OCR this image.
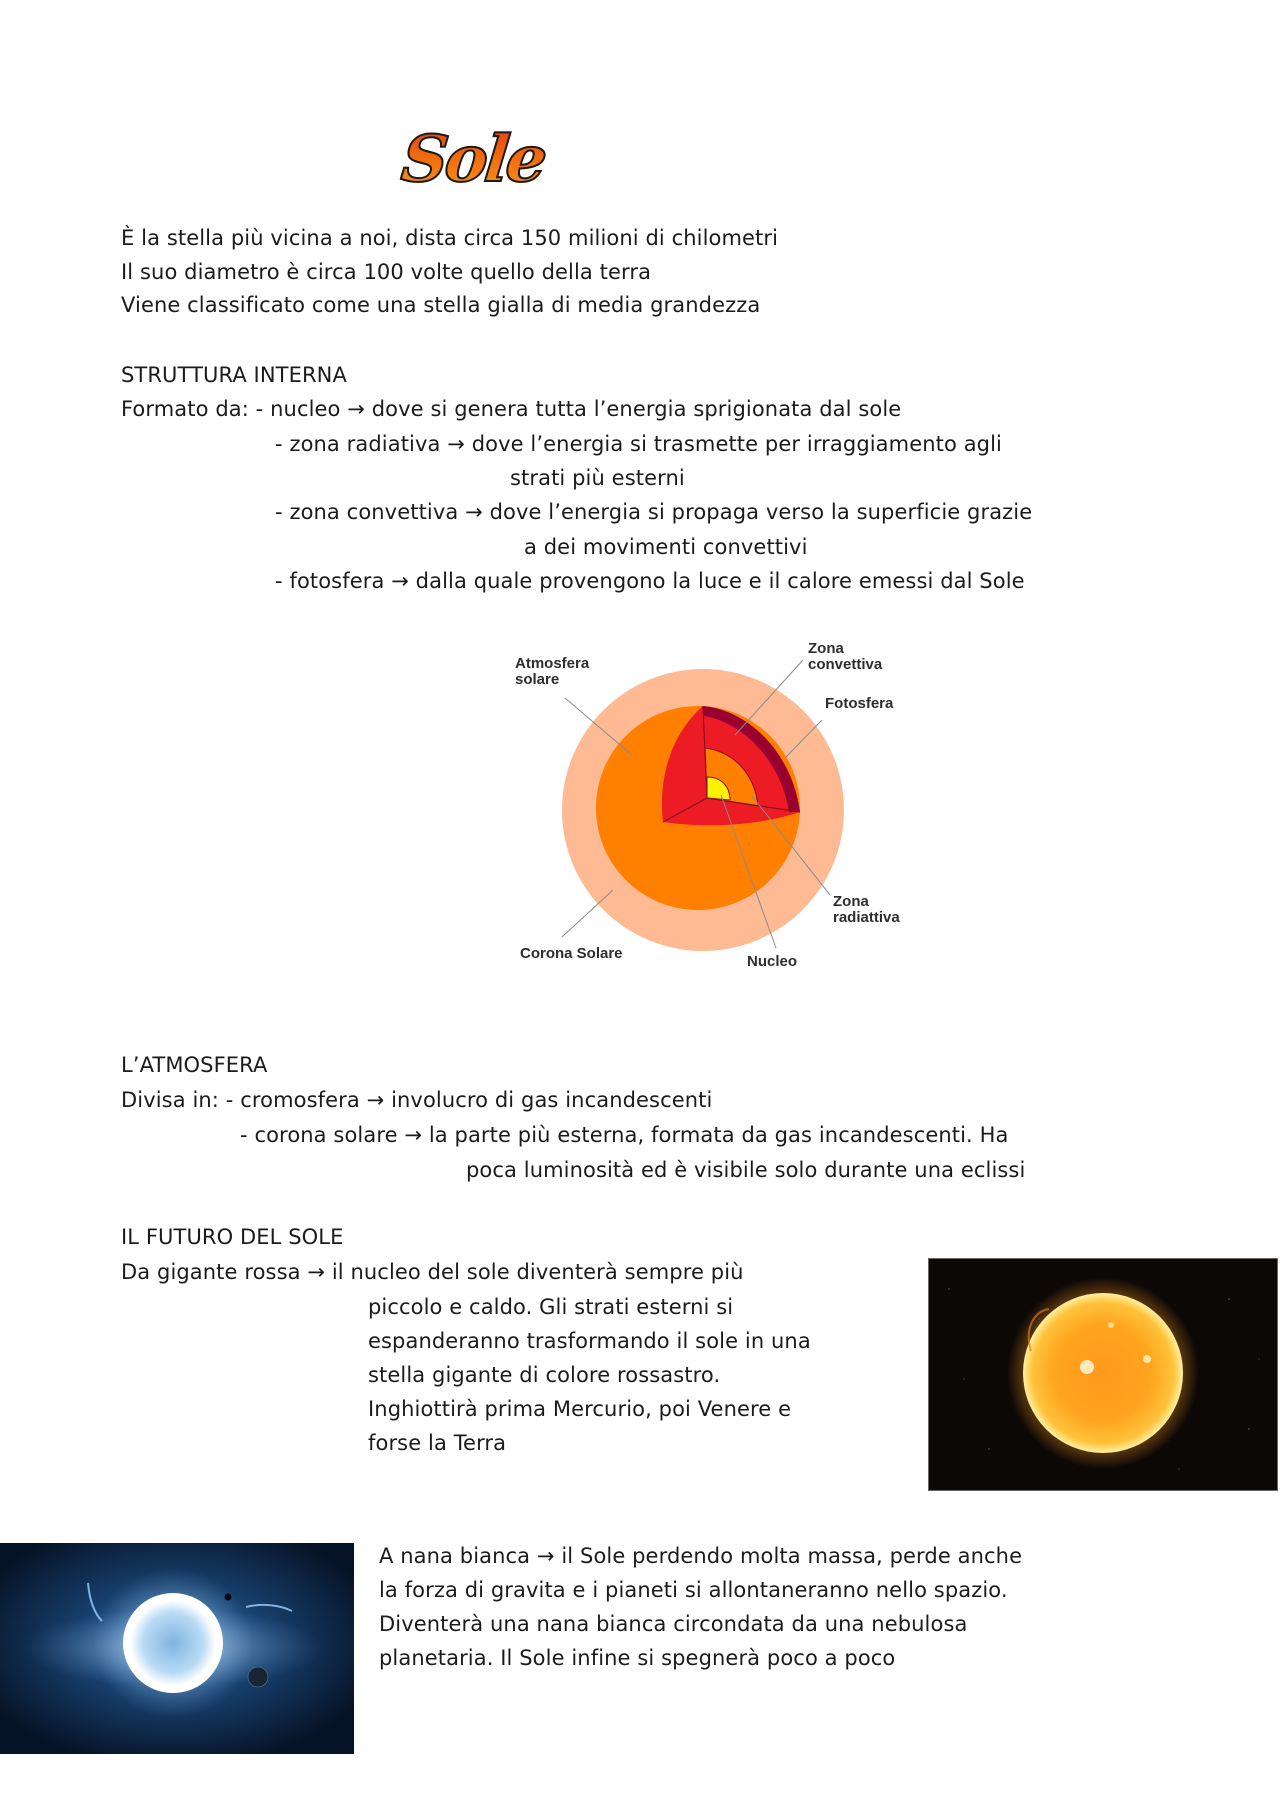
Sole
È la stella più vicina a noi, dista circa 150 milioni di chilometri
Il suo diametro è circa 100 volte quello della terra
Viene classificato come una stella gialla di media grandezza
STRUTTURA INTERNA
Formato da: - nucleo → dove si genera tutta l’energia sprigionata dal sole
- zona radiativa → dove l’energia si trasmette per irraggiamento agli
strati più esterni
- zona convettiva → dove l’energia si propaga verso la superficie grazie
a dei movimenti convettivi
- fotosfera → dalla quale provengono la luce e il calore emessi dal Sole
Atmosfera
solare
Zona
convettiva
Fotosfera
Zona
radiattiva
Corona Solare	Nucleo
L’ATMOSFERA
Divisa in: - cromosfera → involucro di gas incandescenti
- corona solare → la parte più esterna, formata da gas incandescenti. Ha
poca luminosità ed è visibile solo durante una eclissi
IL FUTURO DEL SOLE
Da gigante rossa → il nucleo del sole diventerà sempre più
piccolo e caldo. Gli strati esterni si
espanderanno trasformando il sole in una
stella gigante di colore rossastro.
Inghiottirà prima Mercurio, poi Venere e
forse la Terra
A nana bianca → il Sole perdendo molta massa, perde anche
la forza di gravita e i pianeti si allontaneranno nello spazio.
Diventerà una nana bianca circondata da una nebulosa
planetaria. Il Sole infine si spegnerà poco a poco
